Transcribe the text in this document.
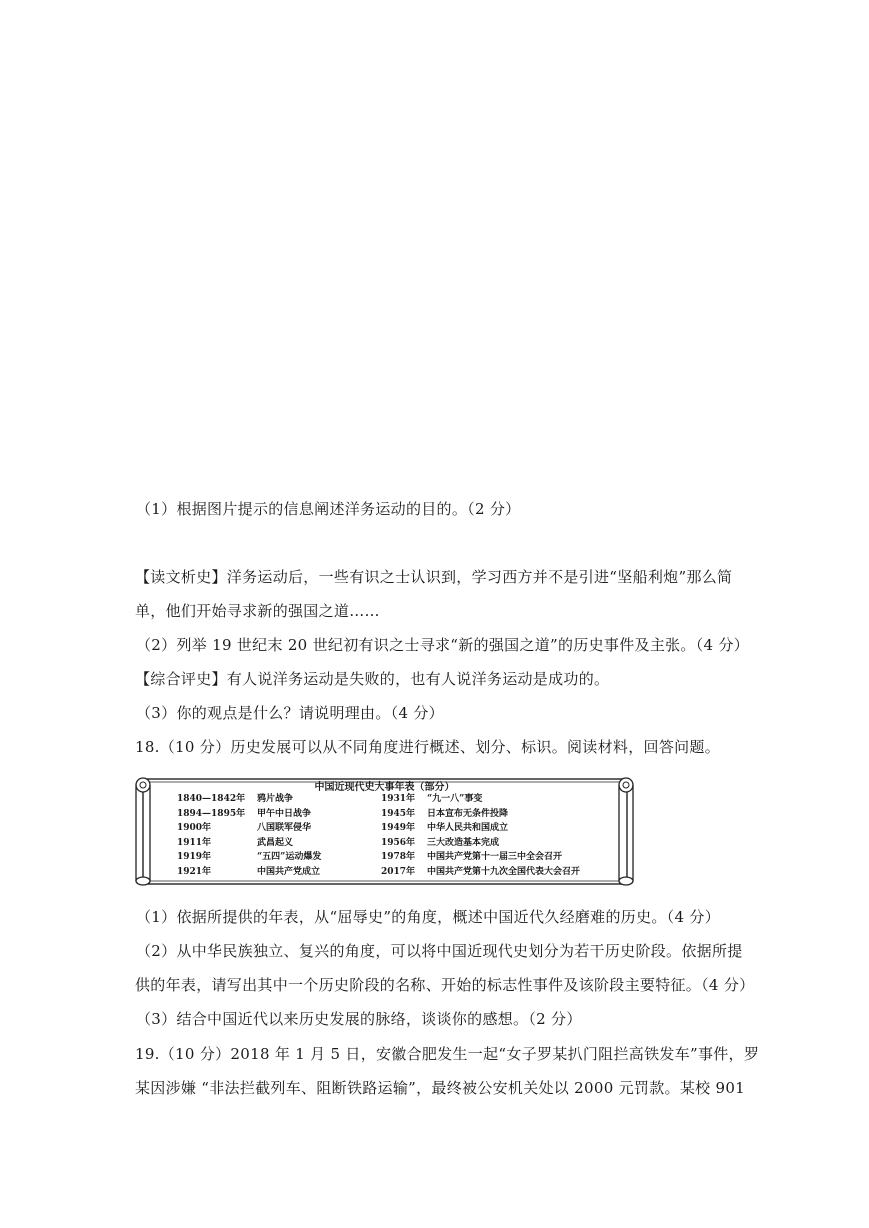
（1）根据图片提示的信息阐述洋务运动的目的。（2 分）
【读文析史】洋务运动后，一些有识之士认识到，学习西方并不是引进“坚船利炮”那么简
单，他们开始寻求新的强国之道……
（2）列举 19 世纪末 20 世纪初有识之士寻求“新的强国之道”的历史事件及主张。（4 分）
【综合评史】有人说洋务运动是失败的，也有人说洋务运动是成功的。
（3）你的观点是什么？请说明理由。（4 分）
18.（10 分）历史发展可以从不同角度进行概述、划分、标识。阅读材料，回答问题。
中国近现代史大事年表（部分）
1840—1842年
1894—1895年
1900年
1911年
1919年
1921年
鸦片战争
甲午中日战争
八国联军侵华
武昌起义
“五四”运动爆发
中国共产党成立
1931年
1945年
1949年
1956年
1978年
2017年
“九一八”事变
日本宣布无条件投降
中华人民共和国成立
三大改造基本完成
中国共产党第十一届三中全会召开
中国共产党第十九次全国代表大会召开
（1）依据所提供的年表，从“屈辱史”的角度，概述中国近代久经磨难的历史。（4 分）
（2）从中华民族独立、复兴的角度，可以将中国近现代史划分为若干历史阶段。依据所提
供的年表，请写出其中一个历史阶段的名称、开始的标志性事件及该阶段主要特征。（4 分）
（3）结合中国近代以来历史发展的脉络，谈谈你的感想。（2 分）
19.（10 分）2018 年 1 月 5 日，安徽合肥发生一起“女子罗某扒门阻拦高铁发车”事件，罗
某因涉嫌 “非法拦截列车、阻断铁路运输”，最终被公安机关处以 2000 元罚款。某校 901
